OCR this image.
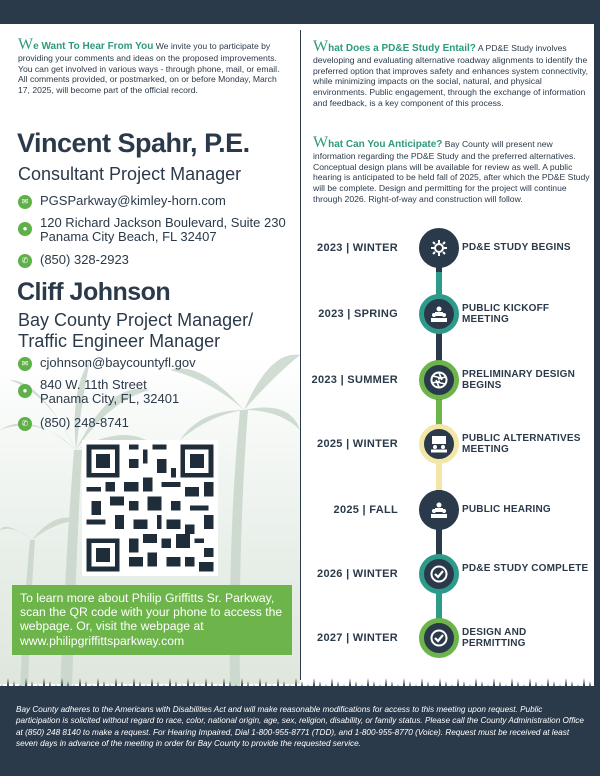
We Want To Hear From You We invite you to participate by providing your comments and ideas on the proposed improvements. You can get involved in various ways - through phone, mail, or email. All comments provided, or postmarked, on or before Monday, March 17, 2025, will become part of the official record.
Vincent Spahr, P.E.
Consultant Project Manager
✉ PGSParkway@kimley-horn.com
● 120 Richard Jackson Boulevard, Suite 230
Panama City Beach, FL 32407
✆ (850) 328-2923
Cliff Johnson
Bay County Project Manager/
Traffic Engineer Manager
✉ cjohnson@baycountyfl.gov
● 840 W. 11th Street
Panama City, FL, 32401
✆ (850) 248-8741
To learn more about Philip Griffitts Sr. Parkway, scan the QR code with your phone to access the webpage. Or, visit the webpage at www.philipgriffittsparkway.com
What Does a PD&E Study Entail? A PD&E Study involves developing and evaluating alternative roadway alignments to identify the preferred option that improves safety and enhances system connectivity, while minimizing impacts on the social, natural, and physical environments. Public engagement, through the exchange of information and feedback, is a key component of this process.
What Can You Anticipate? Bay County will present new information regarding the PD&E Study and the preferred alternatives. Conceptual design plans will be available for review as well. A public hearing is anticipated to be held fall of 2025, after which the PD&E Study will be complete. Design and permitting for the project will continue through 2026. Right-of-way and construction will follow.
2023 | WINTER	PD&E STUDY BEGINS
2023 | SPRING	PUBLIC KICKOFF MEETING
2023 | SUMMER	PRELIMINARY DESIGN BEGINS
2025 | WINTER	PUBLIC ALTERNATIVES MEETING
2025 | FALL	PUBLIC HEARING
2026 | WINTER	PD&E STUDY COMPLETE
2027 | WINTER	DESIGN AND PERMITTING
Bay County adheres to the Americans with Disabilities Act and will make reasonable modifications for access to this meeting upon request. Public participation is solicited without regard to race, color, national origin, age, sex, religion, disability, or family status. Please call the County Administration Office at (850) 248 8140 to make a request. For Hearing Impaired, Dial 1-800-955-8771 (TDD), and 1-800-955-8770 (Voice). Request must be received at least seven days in advance of the meeting in order for Bay County to provide the requested service.
